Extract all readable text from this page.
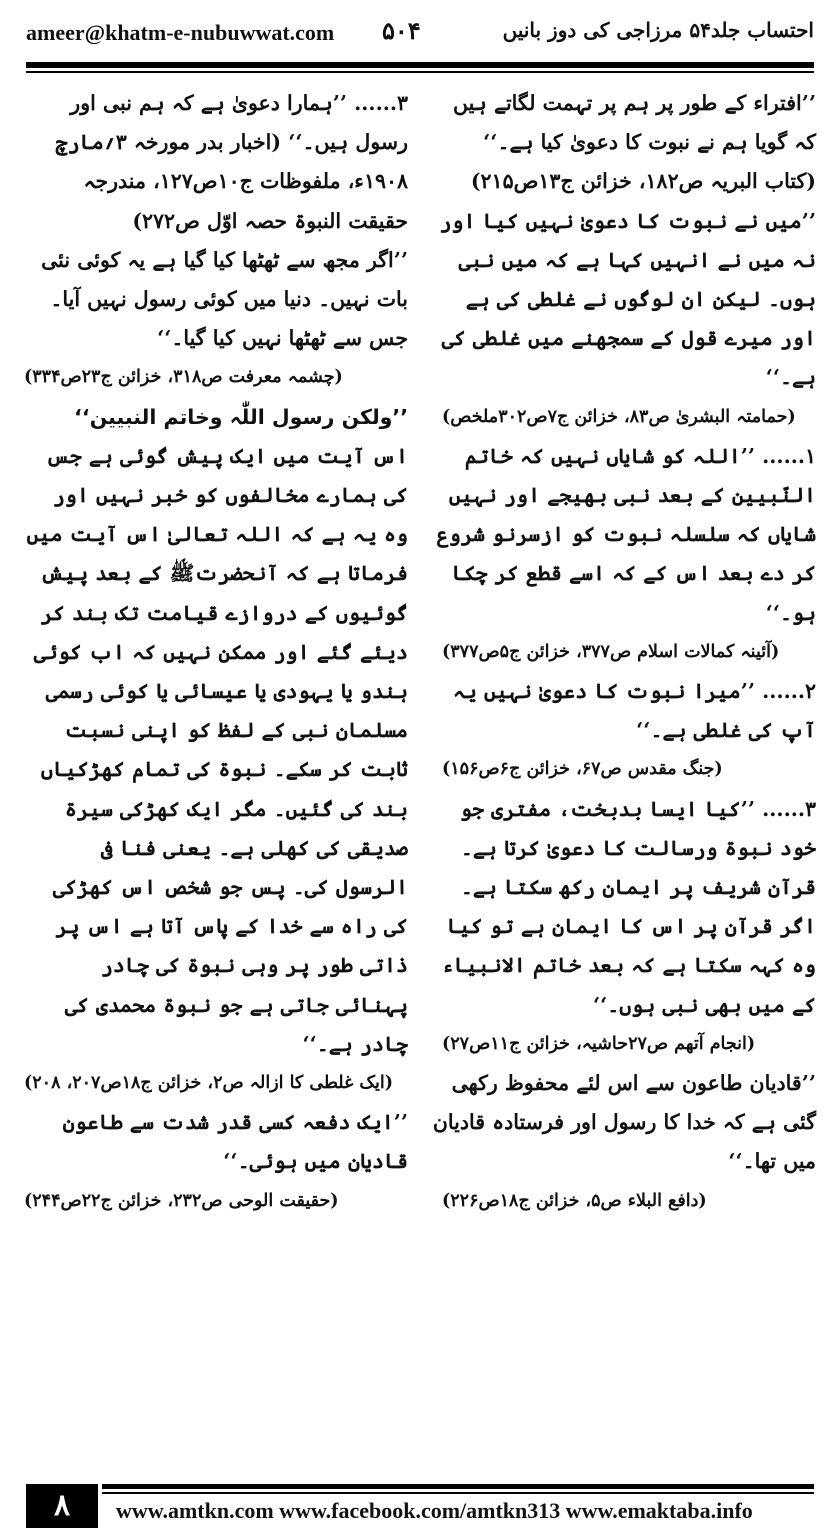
ameer@khatm-e-nubuwwat.com ۵۰۴	احتساب جلد۵۴ مرزاجی کی دوز بانیں

’’افتراء کے طور پر ہم پر تہمت لگاتے ہیں کہ گویا ہم نے نبوت کا دعویٰ کیا ہے۔‘‘ (کتاب البریہ ص۱۸۲، خزائن ج۱۳ص۲۱۵)

’’میں نے نبوت کا دعویٰ نہیں کیا اور نہ میں نے انہیں کہا ہے کہ میں نبی ہوں۔ لیکن ان لوگوں نے غلطی کی ہے اور میرے قول کے سمجھنے میں غلطی کی ہے۔‘‘

(حمامتہ البشریٰ ص۸۳، خزائن ج۷ص۳۰۲ملخص)

۱...... ’’اللہ کو شایاں نہیں کہ خاتم النّبیین کے بعد نبی بھیجے اور نہیں شایاں کہ سلسلہ نبوت کو ازسرنو شروع کر دے بعد اس کے کہ اسے قطع کر چکا ہو۔‘‘

(آئینہ کمالات اسلام ص۳۷۷، خزائن ج۵ص۳۷۷)

۲...... ’’میرا نبوت کا دعویٰ نہیں یہ آپ کی غلطی ہے۔‘‘

(جنگ مقدس ص۶۷، خزائن ج۶ص۱۵۶)

۳...... ’’کیا ایسا بدبخت، مفتری جو خود نبوۃ ورسالت کا دعویٰ کرتا ہے۔ قرآن شریف پر ایمان رکھ سکتا ہے۔ اگر قرآن پر اس کا ایمان ہے تو کیا وہ کہہ سکتا ہے کہ بعد خاتم الانبیاء کے میں بھی نبی ہوں۔‘‘

(انجام آتھم ص۲۷حاشیہ، خزائن ج۱۱ص۲۷)

’’قادیان طاعون سے اس لئے محفوظ رکھی گئی ہے کہ خدا کا رسول اور فرستادہ قادیان میں تھا۔‘‘

(دافع البلاء ص۵، خزائن ج۱۸ص۲۲۶)

۳...... ’’ہمارا دعویٰ ہے کہ ہم نبی اور رسول ہیں۔‘‘ (اخبار بدر مورخہ ۳؍مارچ ۱۹۰۸ء، ملفوظات ج۱۰ص۱۲۷، مندرجہ حقیقت النبوۃ حصہ اوّل ص۲۷۲)

’’اگر مجھ سے ٹھٹھا کیا گیا ہے یہ کوئی نئی بات نہیں۔ دنیا میں کوئی رسول نہیں آیا۔ جس سے ٹھٹھا نہیں کیا گیا۔‘‘

(چشمہ معرفت ص۳۱۸، خزائن ج۲۳ص۳۳۴)

’’ولکن رسول اللّٰہ وخاتم النبیین‘‘

اس آیت میں ایک پیش گوئی ہے جس کی ہمارے مخالفوں کو خبر نہیں اور وہ یہ ہے کہ اللہ تعالیٰ اس آیت میں فرماتا ہے کہ آنحضرتﷺ کے بعد پیش گوئیوں کے دروازے قیامت تک بند کر دیئے گئے اور ممکن نہیں کہ اب کوئی ہندو یا یہودی یا عیسائی یا کوئی رسمی مسلمان نبی کے لفظ کو اپنی نسبت ثابت کر سکے۔ نبوۃ کی تمام کھڑکیاں بند کی گئیں۔ مگر ایک کھڑکی سیرۃ صدیقی کی کھلی ہے۔ یعنی فنا فی الرسول کی۔ پس جو شخص اس کھڑکی کی راہ سے خدا کے پاس آتا ہے اس پر ذاتی طور پر وہی نبوۃ کی چادر پہنائی جاتی ہے جو نبوۃ محمدی کی چادر ہے۔‘‘

(ایک غلطی کا ازالہ ص۲، خزائن ج۱۸ص۲۰۷، ۲۰۸)

’’ایک دفعہ کسی قدر شدت سے طاعون قادیان میں ہوئی۔‘‘

(حقیقت الوحی ص۲۳۲، خزائن ج۲۲ص۲۴۴)

۸	www.amtkn.com www.facebook.com/amtkn313 www.emaktaba.info
